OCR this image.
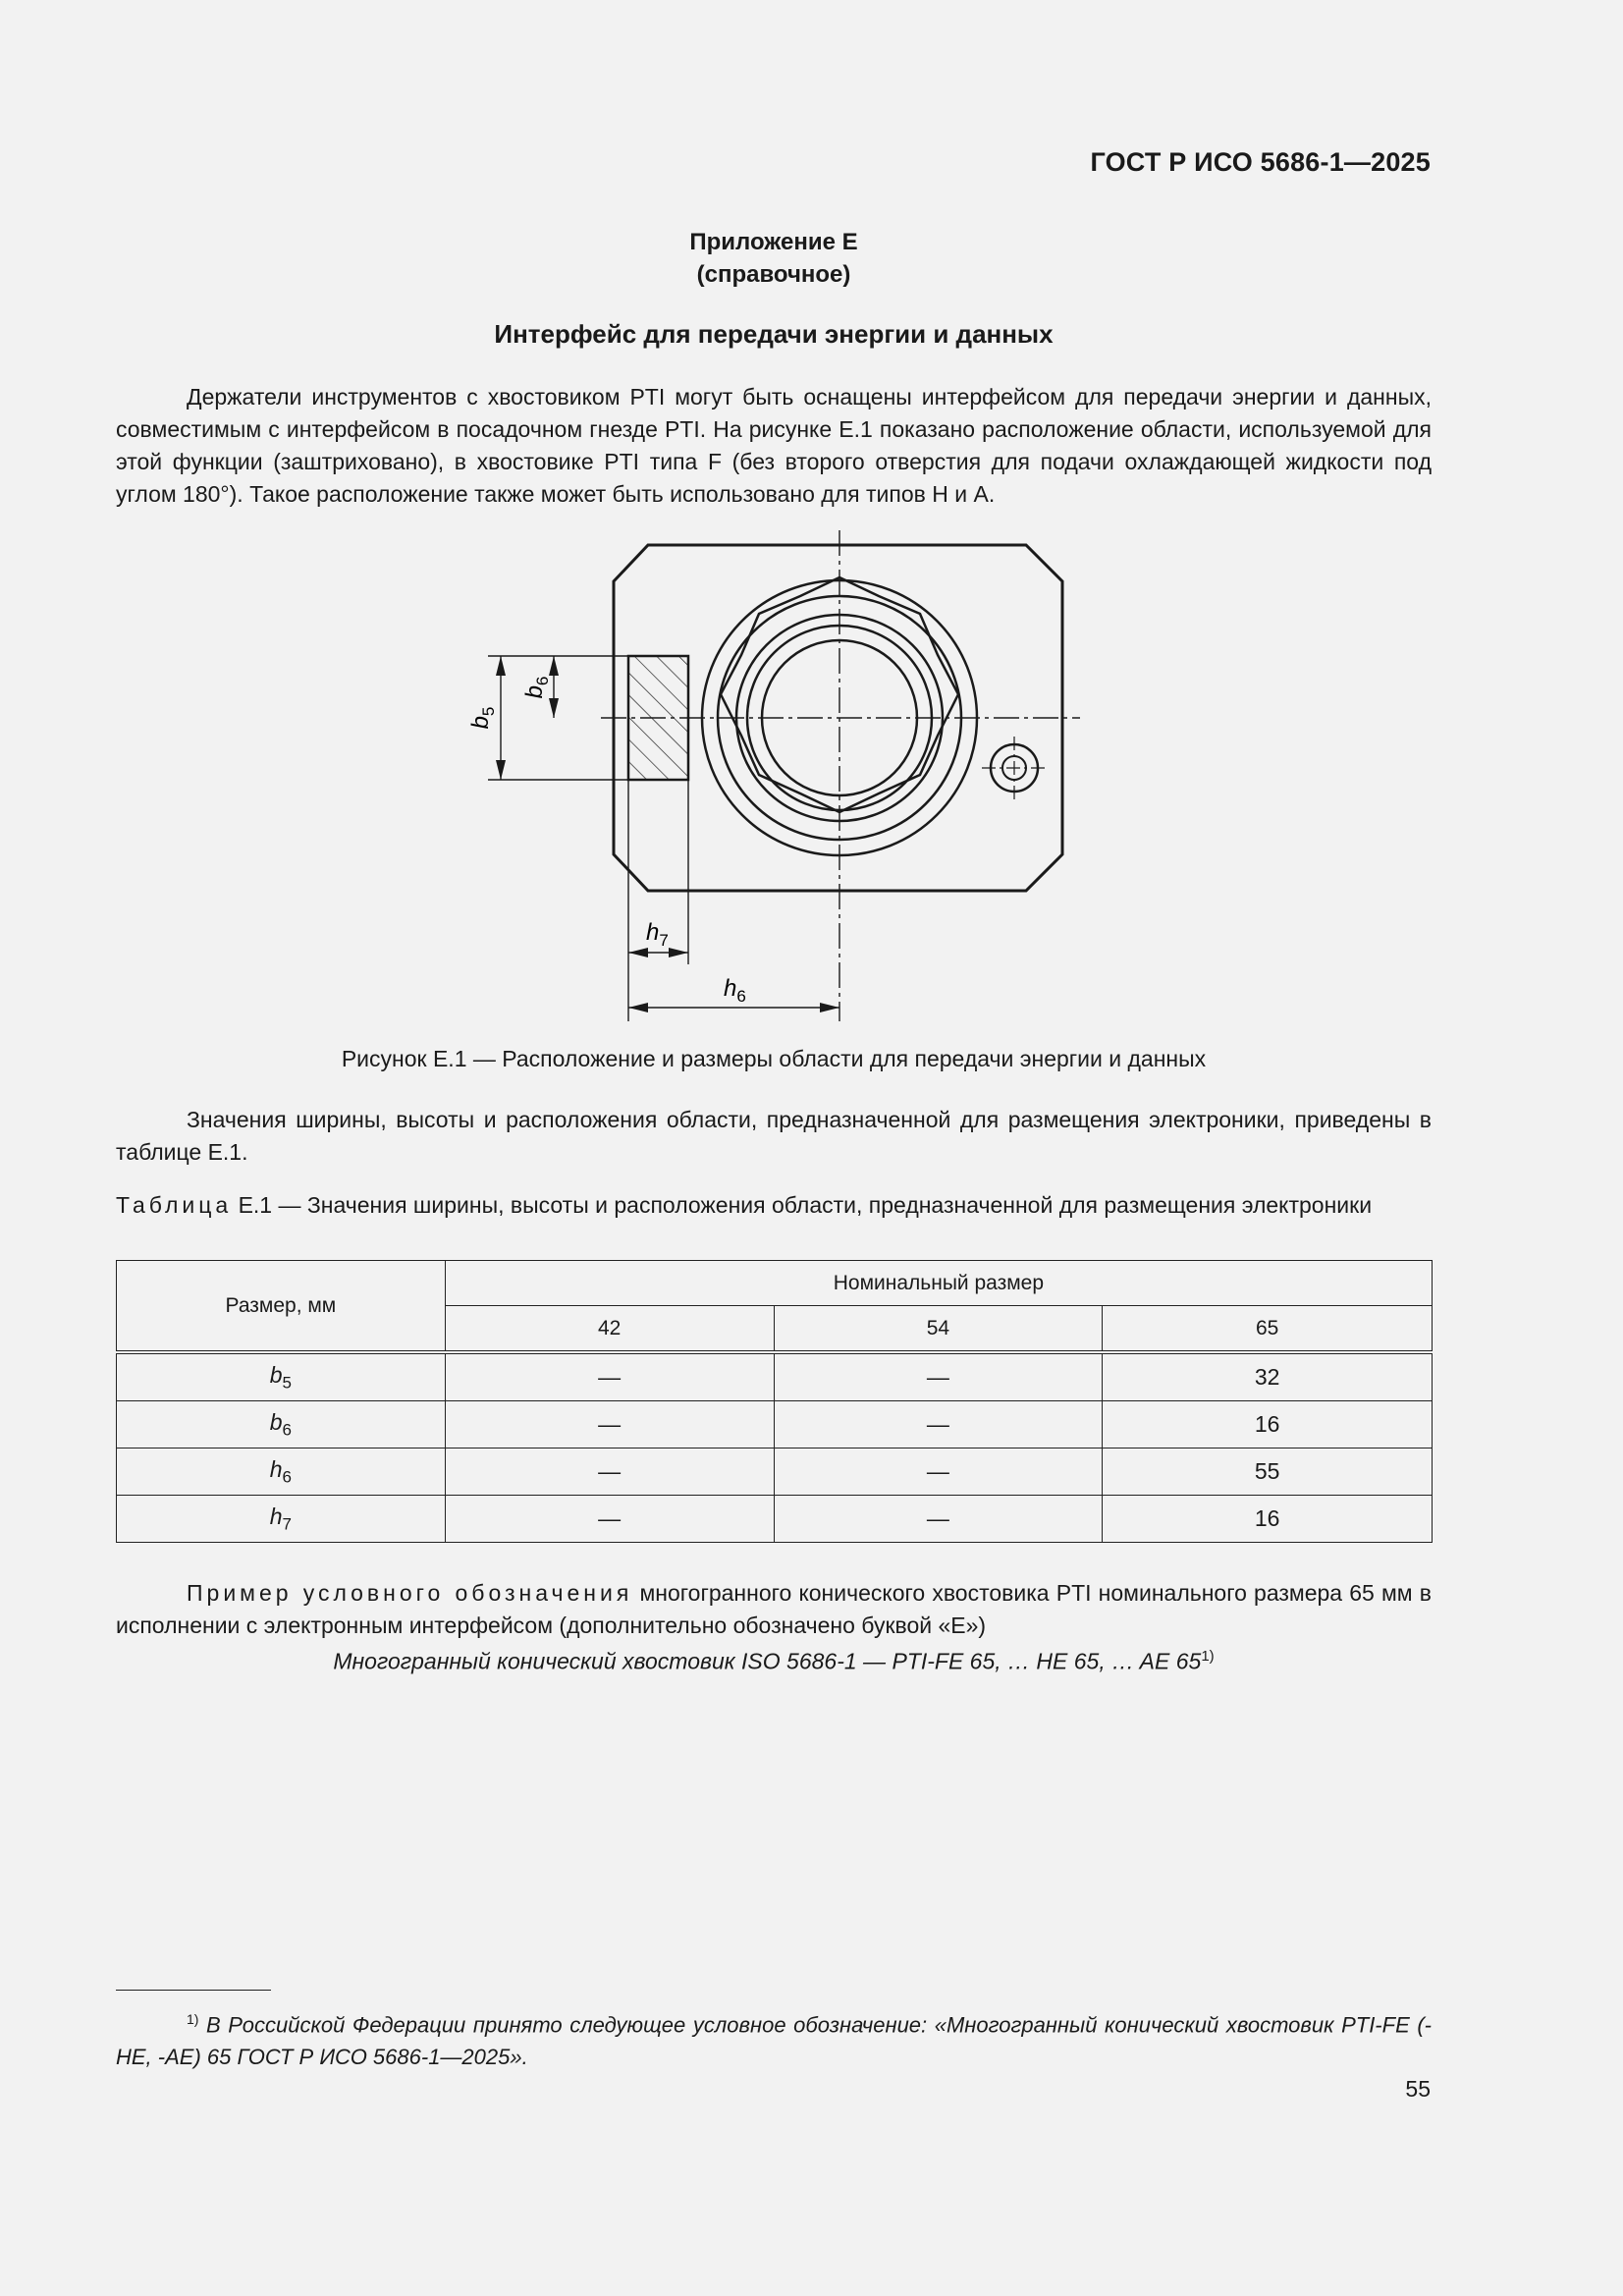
ГОСТ Р ИСО 5686-1—2025
Приложение Е
(справочное)
Интерфейс для передачи энергии и данных
Держатели инструментов с хвостовиком PTI могут быть оснащены интерфейсом для передачи энергии и данных, совместимым с интерфейсом в посадочном гнезде PTI. На рисунке Е.1 показано расположение области, используемой для этой функции (заштриховано), в хвостовике PTI типа F (без второго отверстия для подачи охлаждающей жидкости под углом 180°). Такое расположение также может быть использовано для типов H и А.
$b_5$
$b_6$
$h_7$
$h_6$
Рисунок Е.1 — Расположение и размеры области для передачи энергии и данных
Значения ширины, высоты и расположения области, предназначенной для размещения электроники, приведены в таблице Е.1.
Таблица Е.1 — Значения ширины, высоты и расположения области, предназначенной для размещения электроники
Размер, мм	Номинальный размер		
	42	54	65
$b_5$	—	—	32
$b_6$	—	—	16
$h_6$	—	—	55
$h_7$	—	—	16
Пример условного обозначения многогранного конического хвостовика PTI номинального размера 65 мм в исполнении с электронным интерфейсом (дополнительно обозначено буквой «Е»)
Многогранный конический хвостовик ISO 5686-1 — PTI-FE 65, … HE 65, … AE 65$^{1)}$
$^{1)}$ В Российской Федерации принято следующее условное обозначение: «Многогранный конический хвостовик PTI-FE (-HE, -AE) 65 ГОСТ Р ИСО 5686-1—2025».
55
